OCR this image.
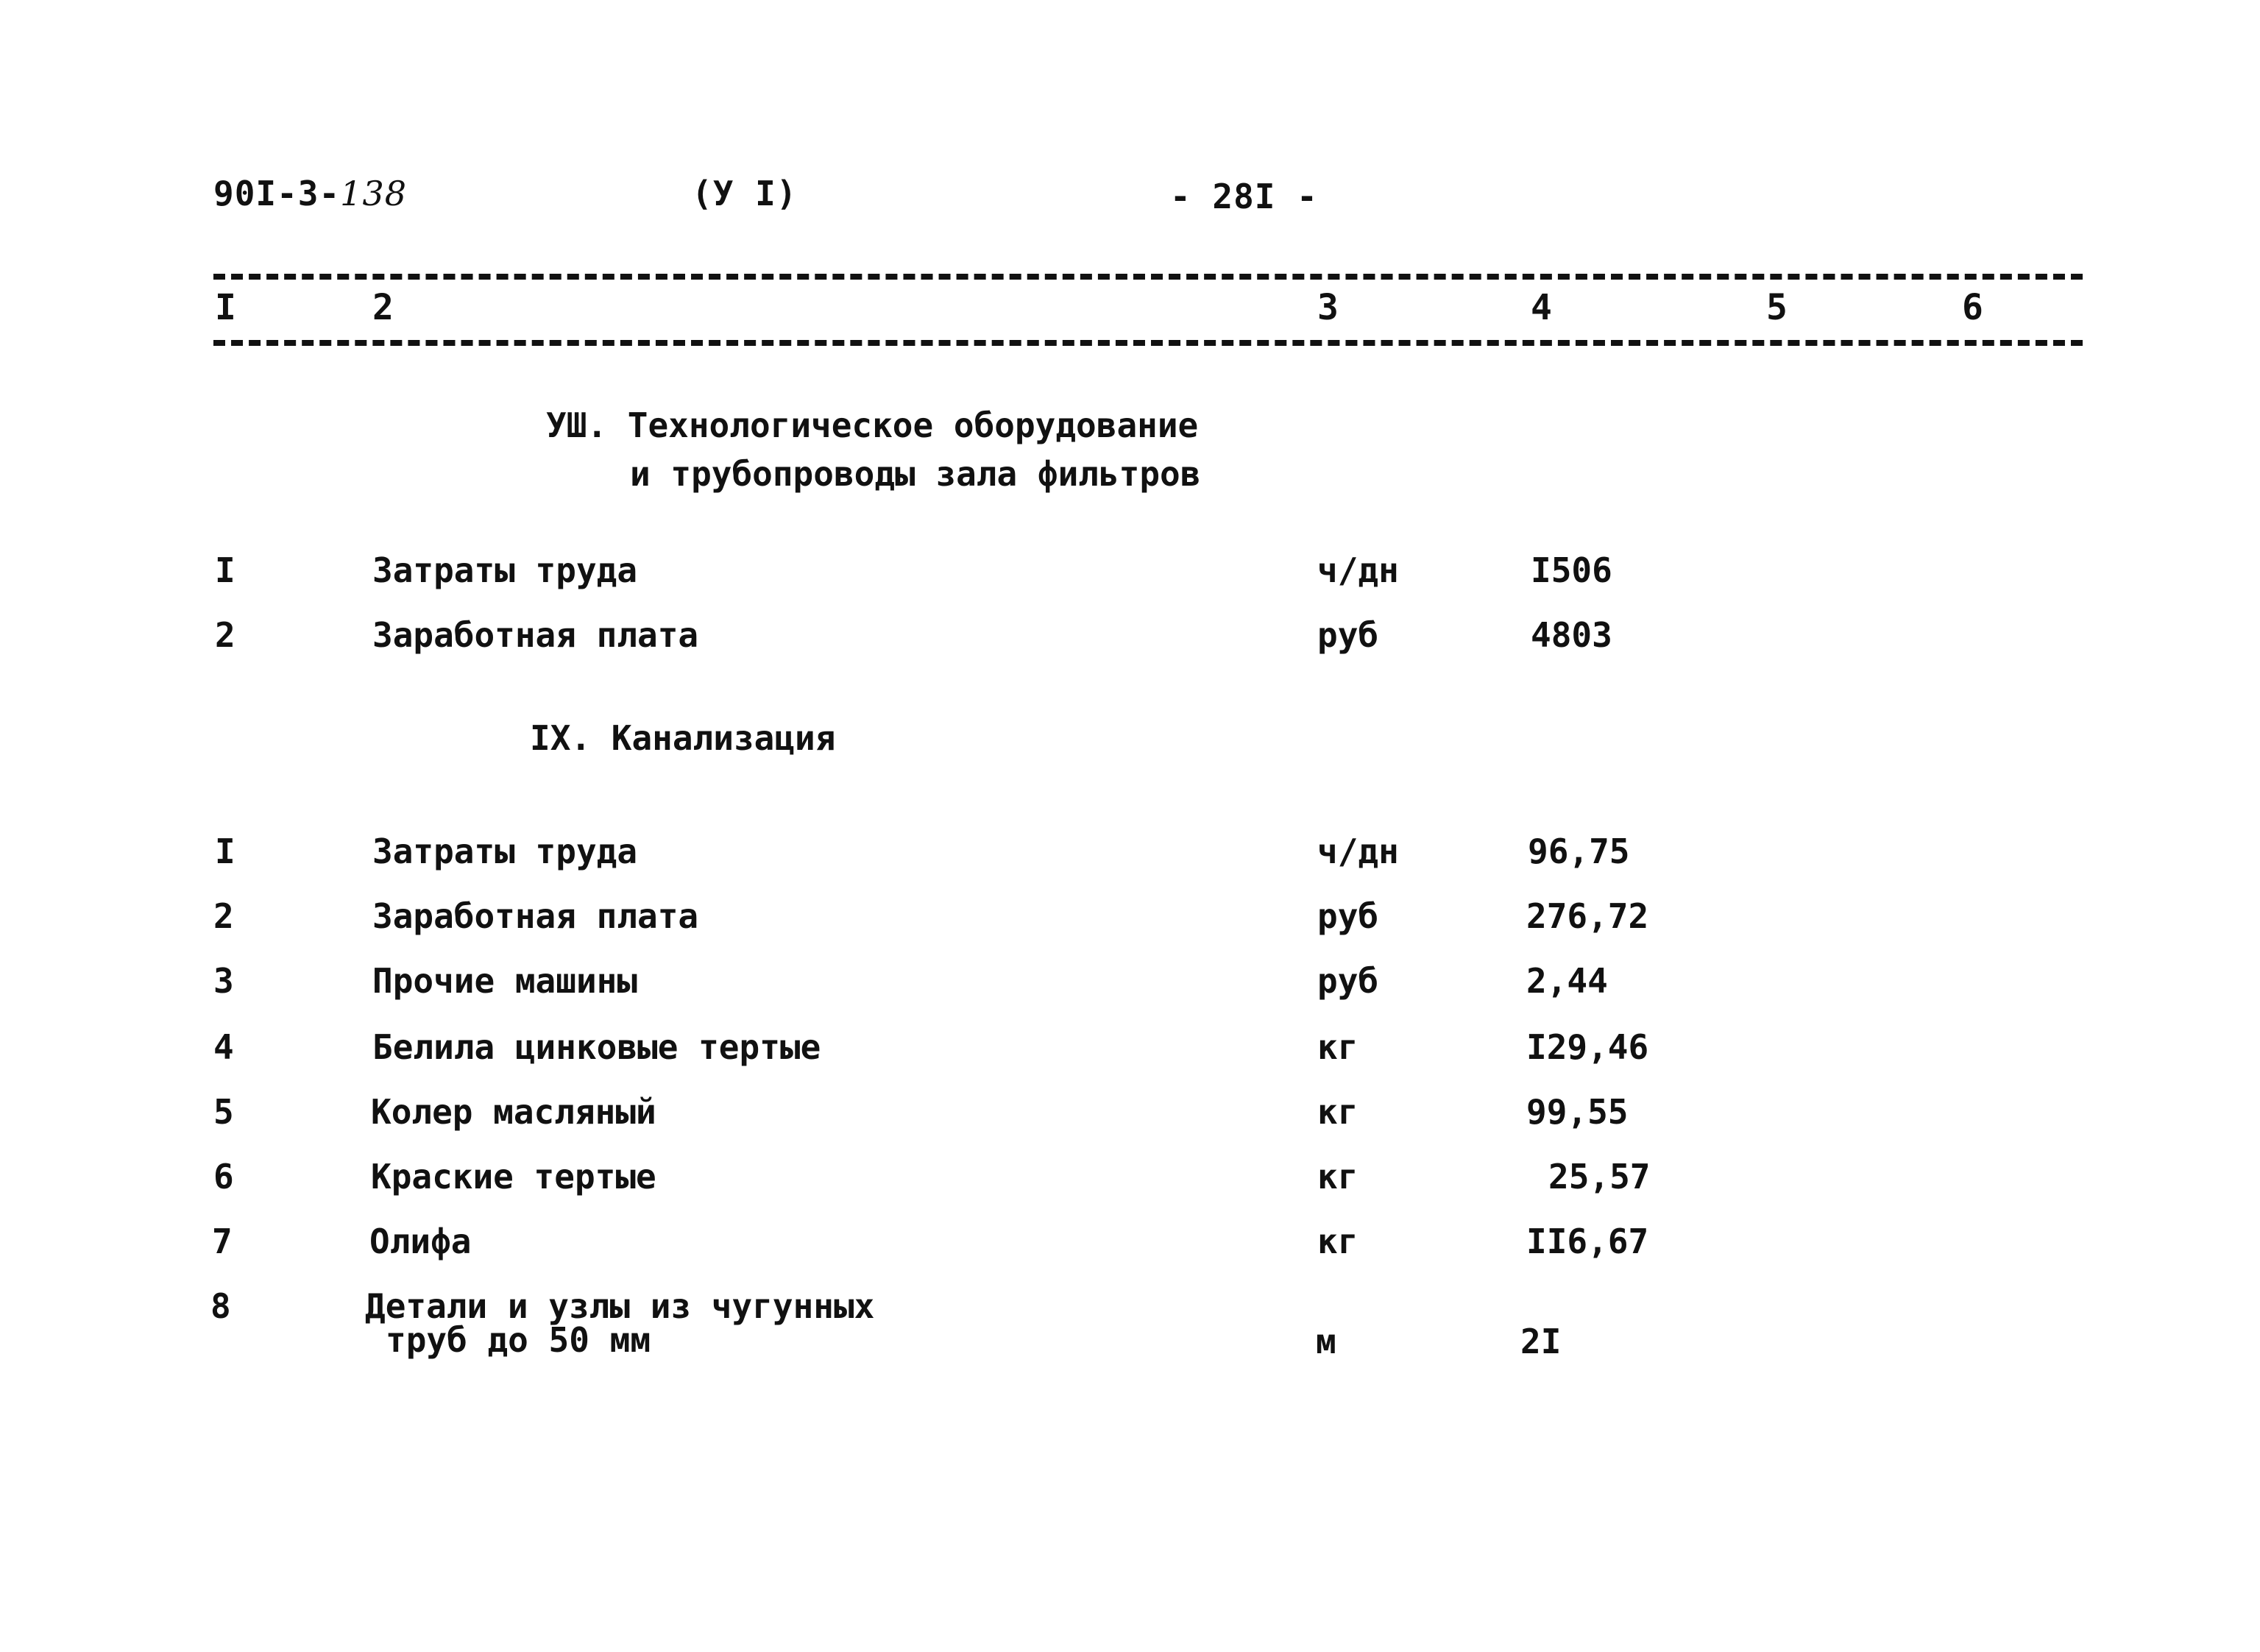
90I-3-138	(У I)	- 28I -
I	2	3	4	5	6
УШ. Технологическое оборудование
и трубопроводы зала фильтров
I	Затраты труда	ч/дн	I506
2	Заработная плата	руб	4803
IX. Канализация
I	Затраты труда	ч/дн	96,75
2	Заработная плата	руб	276,72
3	Прочие машины	руб	2,44
4	Белила цинковые тертые	кг	I29,46
5	Колер масляный	кг	99,55
6	Краские тертые	кг	25,57
7	Олифа	кг	II6,67
8	Детали и узлы из чугунных
труб до 50 мм	м	2I
